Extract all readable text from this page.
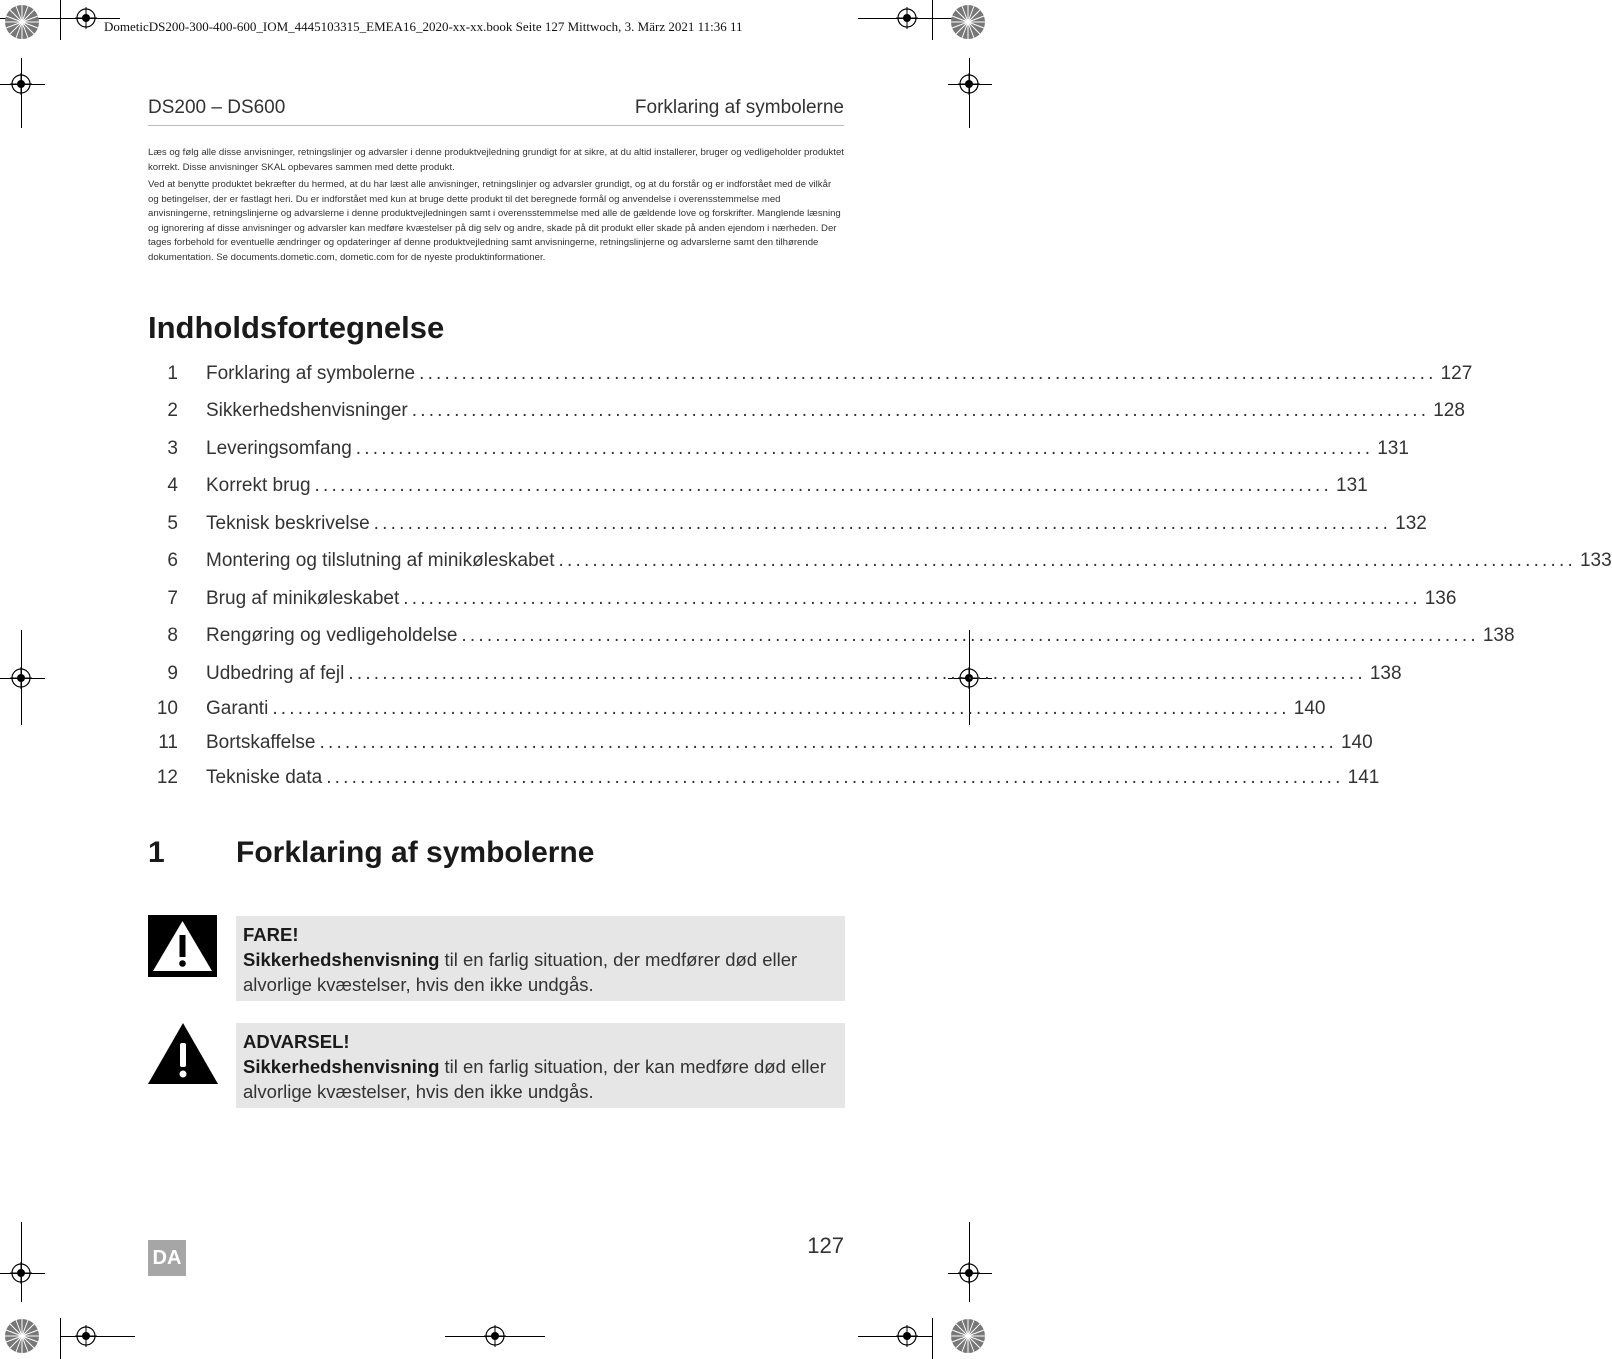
DometicDS200-300-400-600_IOM_4445103315_EMEA16_2020-xx-xx.book Seite 127 Mittwoch, 3. März 2021 11:36 11
DS200 – DS600	Forklaring af symbolerne

Læs og følg alle disse anvisninger, retningslinjer og advarsler i denne produktvejledning grundigt for at sikre, at du altid installerer, bruger og vedligeholder produktet korrekt. Disse anvisninger SKAL opbevares sammen med dette produkt.

Ved at benytte produktet bekræfter du hermed, at du har læst alle anvisninger, retningslinjer og advarsler grundigt, og at du forstår og er indforstået med de vilkår og betingelser, der er fastlagt heri. Du er indforstået med kun at bruge dette produkt til det beregnede formål og anvendelse i overensstemmelse med anvisningerne, retningslinjerne og advarslerne i denne produktvejledningen samt i overensstemmelse med alle de gældende love og forskrifter. Manglende læsning og ignorering af disse anvisninger og advarsler kan medføre kvæstelser på dig selv og andre, skade på dit produkt eller skade på anden ejendom i nærheden. Der tages forbehold for eventuelle ændringer og opdateringer af denne produktvejledning samt anvisningerne, retningslinjerne og advarslerne samt den tilhørende dokumentation. Se documents.dometic.com, dometic.com for de nyeste produktinformationer.

Indholdsfortegnelse
1 Forklaring af symbolerne ........................................................................................................................ 127
2 Sikkerhedshenvisninger ........................................................................................................................ 128
3 Leveringsomfang ........................................................................................................................ 131
4 Korrekt brug ........................................................................................................................ 131
5 Teknisk beskrivelse ........................................................................................................................ 132
6 Montering og tilslutning af minikøleskabet ........................................................................................................................ 133
7 Brug af minikøleskabet ........................................................................................................................ 136
8 Rengøring og vedligeholdelse ........................................................................................................................ 138
9 Udbedring af fejl ........................................................................................................................ 138
10 Garanti ........................................................................................................................ 140
11 Bortskaffelse ........................................................................................................................ 140
12 Tekniske data ........................................................................................................................ 141
1 Forklaring af symbolerne
FARE!
Sikkerhedshenvisning til en farlig situation, der medfører død eller alvorlige kvæstelser, hvis den ikke undgås.
ADVARSEL!
Sikkerhedshenvisning til en farlig situation, der kan medføre død eller alvorlige kvæstelser, hvis den ikke undgås.
DA	127
